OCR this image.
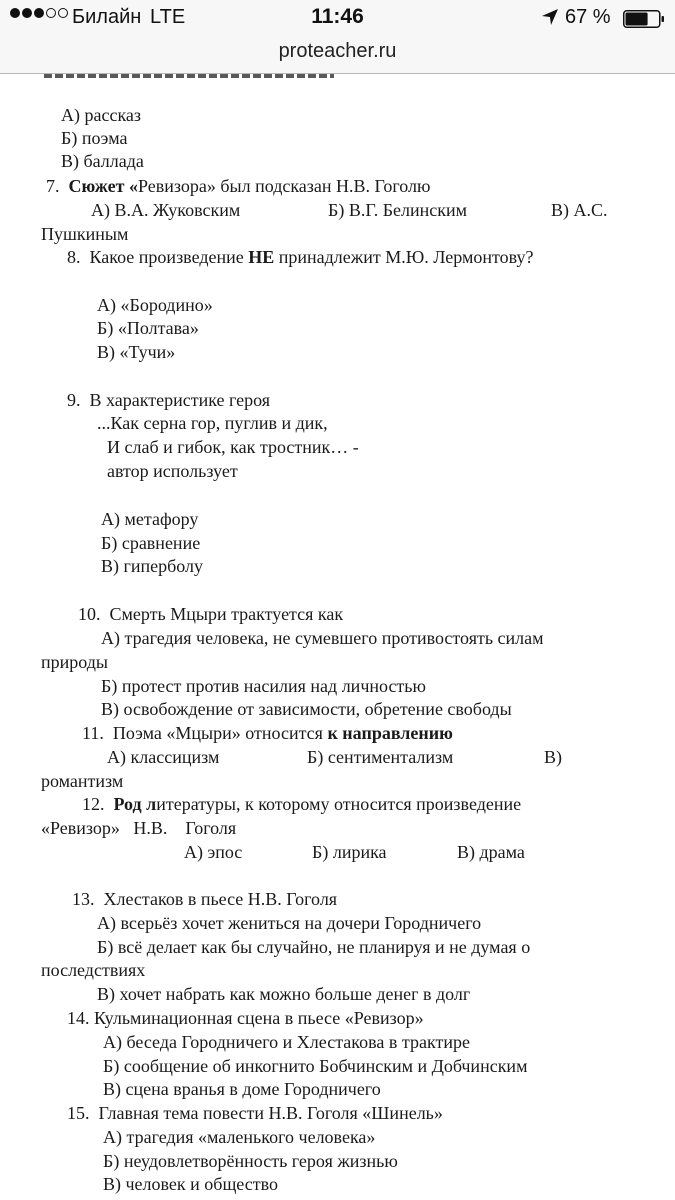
Билайн LTE	11:46	67 %
proteacher.ru
А) рассказ
Б) поэма
В) баллада
7. Сюжет «Ревизора» был подсказан Н.В. Гоголю
А) В.А. Жуковским	Б) В.Г. Белинским	В) А.С.
Пушкиным
8. Какое произведение НЕ принадлежит М.Ю. Лермонтову?
А) «Бородино»
Б) «Полтава»
В) «Тучи»
9. В характеристике героя
...Как серна гор, пуглив и дик,
И слаб и гибок, как тростник… -
автор использует
А) метафору
Б) сравнение
В) гиперболу
10. Смерть Мцыри трактуется как
А) трагедия человека, не сумевшего противостоять силам
природы
Б) протест против насилия над личностью
В) освобождение от зависимости, обретение свободы
11. Поэма «Мцыри» относится к направлению
А) классицизм	Б) сентиментализм	В)
романтизм
12. Род литературы, к которому относится произведение
«Ревизор»   Н.В.    Гоголя
А) эпос	Б) лирика	В) драма
13. Хлестаков в пьесе Н.В. Гоголя
А) всерьёз хочет жениться на дочери Городничего
Б) всё делает как бы случайно, не планируя и не думая о
последствиях
В) хочет набрать как можно больше денег в долг
14. Кульминационная сцена в пьесе «Ревизор»
А) беседа Городничего и Хлестакова в трактире
Б) сообщение об инкогнито Бобчинским и Добчинским
В) сцена вранья в доме Городничего
15. Главная тема повести Н.В. Гоголя «Шинель»
А) трагедия «маленького человека»
Б) неудовлетворённость героя жизнью
В) человек и общество
